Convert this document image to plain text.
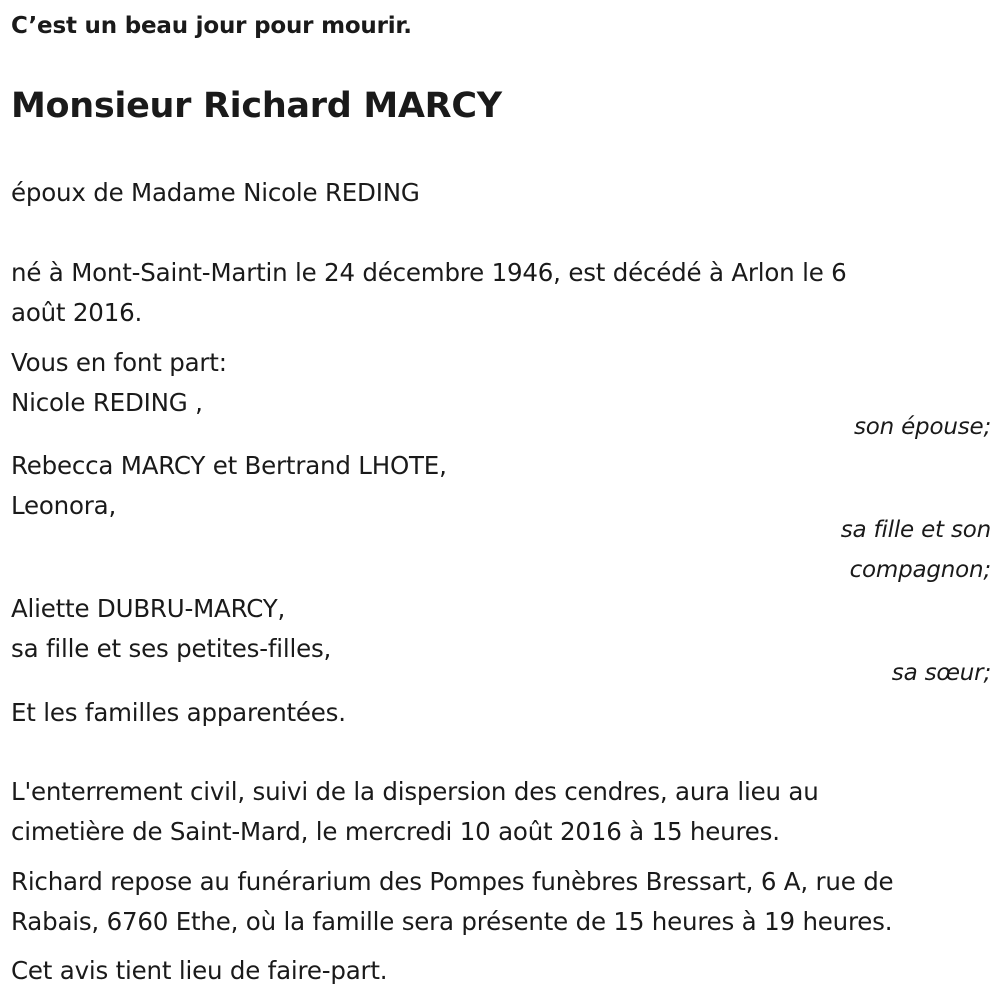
C’est un beau jour pour mourir.
Monsieur Richard MARCY
époux de Madame Nicole REDING
né à Mont-Saint-Martin le 24 décembre 1946, est décédé à Arlon le 6
août 2016.
Vous en font part:
Nicole REDING ,
son épouse;
Rebecca MARCY et Bertrand LHOTE,
Leonora,
sa fille et son
compagnon;
Aliette DUBRU-MARCY,
sa fille et ses petites-filles,
sa sœur;
Et les familles apparentées.
L'enterrement civil, suivi de la dispersion des cendres, aura lieu au
cimetière de Saint-Mard, le mercredi 10 août 2016 à 15 heures.
Richard repose au funérarium des Pompes funèbres Bressart, 6 A, rue de
Rabais, 6760 Ethe, où la famille sera présente de 15 heures à 19 heures.
Cet avis tient lieu de faire-part.
